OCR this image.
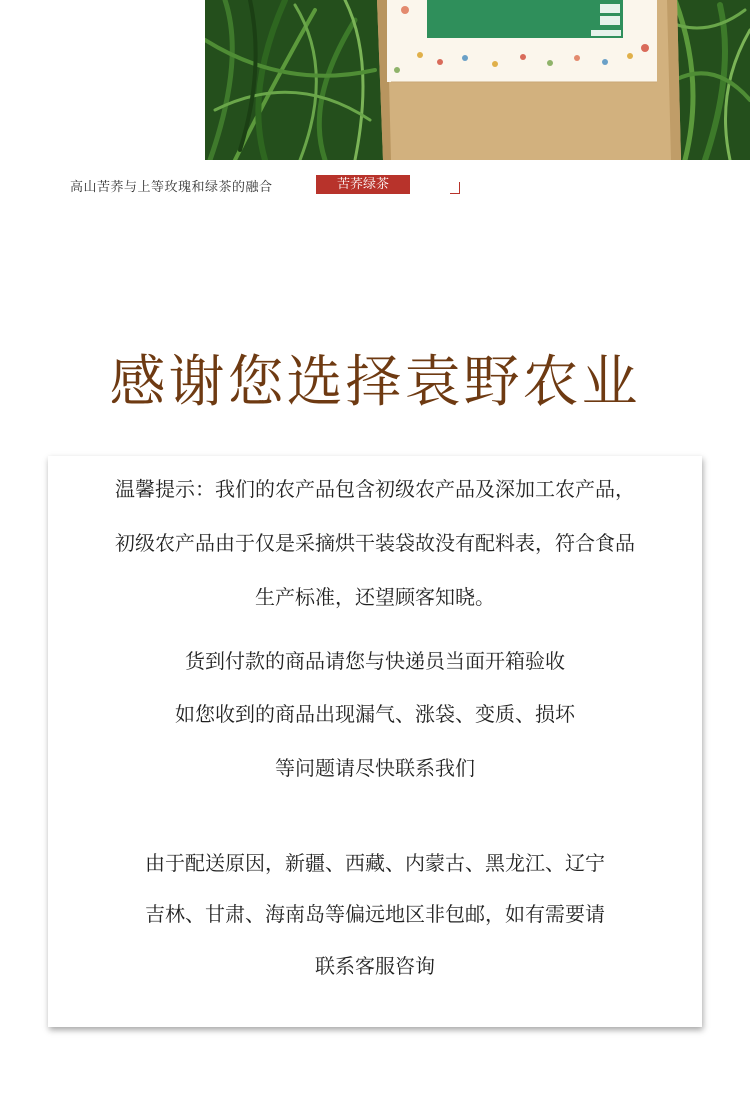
高山苦荞与上等玫瑰和绿茶的融合	苦荞绿茶
感谢您选择袁野农业
温馨提示：我们的农产品包含初级农产品及深加工农产品，
初级农产品由于仅是采摘烘干装袋故没有配料表，符合食品
生产标准，还望顾客知晓。
货到付款的商品请您与快递员当面开箱验收
如您收到的商品出现漏气、涨袋、变质、损坏
等问题请尽快联系我们
由于配送原因，新疆、西藏、内蒙古、黑龙江、辽宁
吉林、甘肃、海南岛等偏远地区非包邮，如有需要请
联系客服咨询
